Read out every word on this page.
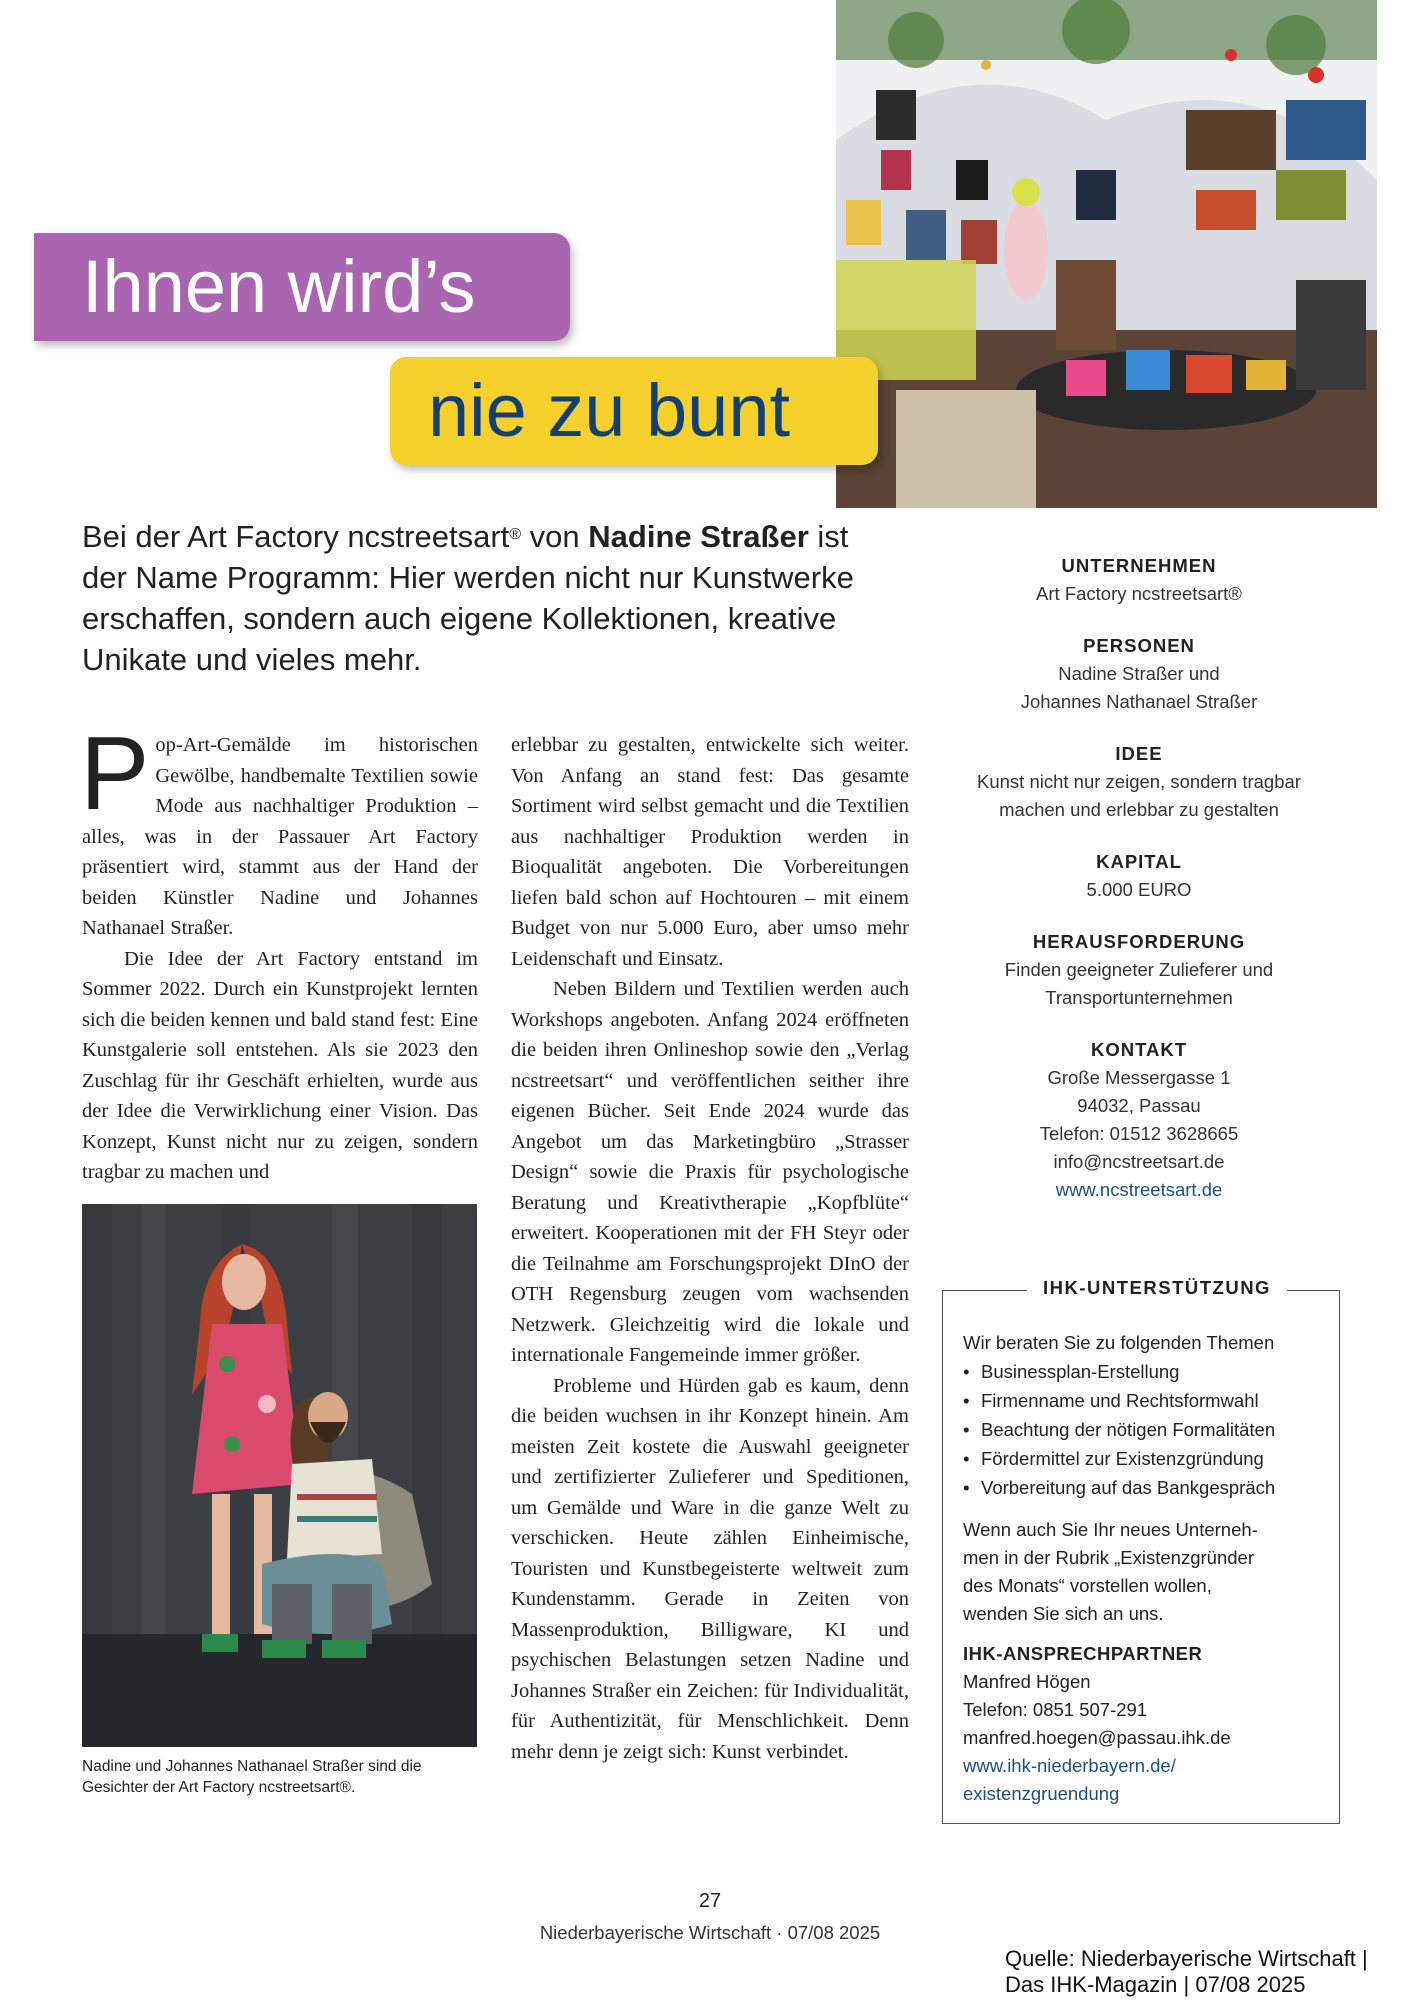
Ihnen wird’s
nie zu bunt
Bei der Art Factory ncstreetsart® von Nadine Straßer ist der Name Programm: Hier werden nicht nur Kunstwerke erschaffen, sondern auch eigene Kollektionen, kreative Unikate und vieles mehr.

Pop-Art-Gemälde im historischen Gewölbe, handbemalte Textilien sowie Mode aus nachhaltiger Produktion – alles, was in der Passauer Art Factory präsentiert wird, stammt aus der Hand der beiden Künstler Nadine und Johannes Nathanael Straßer.

Die Idee der Art Factory entstand im Sommer 2022. Durch ein Kunstprojekt lernten sich die beiden kennen und bald stand fest: Eine Kunstgalerie soll entstehen. Als sie 2023 den Zuschlag für ihr Geschäft erhielten, wurde aus der Idee die Verwirklichung einer Vision. Das Konzept, Kunst nicht nur zu zeigen, sondern tragbar zu machen und

Nadine und Johannes Nathanael Straßer sind die Gesichter der Art Factory ncstreetsart®.

erlebbar zu gestalten, entwickelte sich weiter. Von Anfang an stand fest: Das gesamte Sortiment wird selbst gemacht und die Textilien aus nachhaltiger Produktion werden in Bioqualität angeboten. Die Vorbereitungen liefen bald schon auf Hochtouren – mit einem Budget von nur 5.000 Euro, aber umso mehr Leidenschaft und Einsatz.

Neben Bildern und Textilien werden auch Workshops angeboten. Anfang 2024 eröffneten die beiden ihren Onlineshop sowie den „Verlag ncstreetsart“ und veröffentlichen seither ihre eigenen Bücher. Seit Ende 2024 wurde das Angebot um das Marketingbüro „Strasser Design“ sowie die Praxis für psychologische Beratung und Kreativtherapie „Kopfblüte“ erweitert. Kooperationen mit der FH Steyr oder die Teilnahme am Forschungsprojekt DInO der OTH Regensburg zeugen vom wachsenden Netzwerk. Gleichzeitig wird die lokale und internationale Fangemeinde immer größer.

Probleme und Hürden gab es kaum, denn die beiden wuchsen in ihr Konzept hinein. Am meisten Zeit kostete die Auswahl geeigneter und zertifizierter Zulieferer und Speditionen, um Gemälde und Ware in die ganze Welt zu verschicken. Heute zählen Einheimische, Touristen und Kunstbegeisterte weltweit zum Kundenstamm. Gerade in Zeiten von Massenproduktion, Billigware, KI und psychischen Belastungen setzen Nadine und Johannes Straßer ein Zeichen: für Individualität, für Authentizität, für Menschlichkeit. Denn mehr denn je zeigt sich: Kunst verbindet.

UNTERNEHMEN
Art Factory ncstreetsart®
PERSONEN
Nadine Straßer und
Johannes Nathanael Straßer
IDEE
Kunst nicht nur zeigen, sondern tragbar
machen und erlebbar zu gestalten
KAPITAL
5.000 EURO
HERAUSFORDERUNG
Finden geeigneter Zulieferer und
Transportunternehmen
KONTAKT
Große Messergasse 1
94032, Passau
Telefon: 01512 3628665
info@ncstreetsart.de
www.ncstreetsart.de
IHK-UNTERSTÜTZUNG
Wir beraten Sie zu folgenden Themen
• Businessplan-Erstellung
• Firmenname und Rechtsformwahl
• Beachtung der nötigen Formalitäten
• Fördermittel zur Existenzgründung
• Vorbereitung auf das Bankgespräch
Wenn auch Sie Ihr neues Unterneh-
men in der Rubrik „Existenzgründer
des Monats“ vorstellen wollen,
wenden Sie sich an uns.
IHK-ANSPRECHPARTNER
Manfred Högen
Telefon: 0851 507-291
manfred.hoegen@passau.ihk.de
www.ihk-niederbayern.de/
existenzgruendung
27
Niederbayerische Wirtschaft · 07/08 2025
Quelle: Niederbayerische Wirtschaft |
Das IHK-Magazin | 07/08 2025
